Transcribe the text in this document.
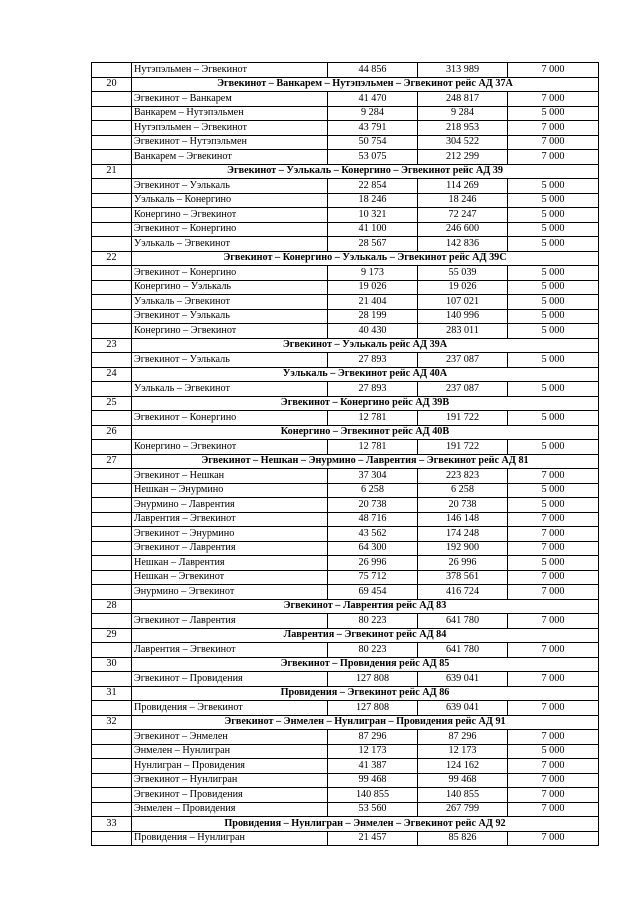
	Нутэпэльмен – Эгвекинот	44 856	313 989	7 000
20	Эгвекинот – Ванкарем – Нутэпэльмен – Эгвекинот рейс АД 37А			
	Эгвекинот – Ванкарем	41 470	248 817	7 000
	Ванкарем – Нутэпэльмен	9 284	9 284	5 000
	Нутэпэльмен – Эгвекинот	43 791	218 953	7 000
	Эгвекинот – Нутэпэльмен	50 754	304 522	7 000
	Ванкарем – Эгвекинот	53 075	212 299	7 000
21	Эгвекинот – Уэлькаль – Конергино – Эгвекинот рейс АД 39			
	Эгвекинот – Уэлькаль	22 854	114 269	5 000
	Уэлькаль – Конергино	18 246	18 246	5 000
	Конергино – Эгвекинот	10 321	72 247	5 000
	Эгвекинот – Конергино	41 100	246 600	5 000
	Уэлькаль – Эгвекинот	28 567	142 836	5 000
22	Эгвекинот – Конергино – Уэлькаль – Эгвекинот рейс АД 39С			
	Эгвекинот – Конергино	9 173	55 039	5 000
	Конергино – Уэлькаль	19 026	19 026	5 000
	Уэлькаль – Эгвекинот	21 404	107 021	5 000
	Эгвекинот – Уэлькаль	28 199	140 996	5 000
	Конергино – Эгвекинот	40 430	283 011	5 000
23	Эгвекинот – Уэлькаль рейс АД 39А			
	Эгвекинот – Уэлькаль	27 893	237 087	5 000
24	Уэлькаль – Эгвекинот рейс АД 40А			
	Уэлькаль – Эгвекинот	27 893	237 087	5 000
25	Эгвекинот – Конергино рейс АД 39В			
	Эгвекинот – Конергино	12 781	191 722	5 000
26	Конергино – Эгвекинот рейс АД 40В			
	Конергино – Эгвекинот	12 781	191 722	5 000
27	Эгвекинот – Нешкан – Энурмино – Лаврентия – Эгвекинот рейс АД 81			
	Эгвекинот – Нешкан	37 304	223 823	7 000
	Нешкан – Энурмино	6 258	6 258	5 000
	Энурмино – Лаврентия	20 738	20 738	5 000
	Лаврентия – Эгвекинот	48 716	146 148	7 000
	Эгвекинот – Энурмино	43 562	174 248	7 000
	Эгвекинот – Лаврентия	64 300	192 900	7 000
	Нешкан – Лаврентия	26 996	26 996	5 000
	Нешкан – Эгвекинот	75 712	378 561	7 000
	Энурмино – Эгвекинот	69 454	416 724	7 000
28	Эгвекинот – Лаврентия рейс АД 83			
	Эгвекинот – Лаврентия	80 223	641 780	7 000
29	Лаврентия – Эгвекинот рейс АД 84			
	Лаврентия – Эгвекинот	80 223	641 780	7 000
30	Эгвекинот – Провидения рейс АД 85			
	Эгвекинот – Провидения	127 808	639 041	7 000
31	Провидения – Эгвекинот рейс АД 86			
	Провидения – Эгвекинот	127 808	639 041	7 000
32	Эгвекинот – Энмелен – Нунлигран – Провидения рейс АД 91			
	Эгвекинот – Энмелен	87 296	87 296	7 000
	Энмелен – Нунлигран	12 173	12 173	5 000
	Нунлигран – Провидения	41 387	124 162	7 000
	Эгвекинот – Нунлигран	99 468	99 468	7 000
	Эгвекинот – Провидения	140 855	140 855	7 000
	Энмелен – Провидения	53 560	267 799	7 000
33	Провидения – Нунлигран – Энмелен – Эгвекинот рейс АД 92			
	Провидения – Нунлигран	21 457	85 826	7 000
